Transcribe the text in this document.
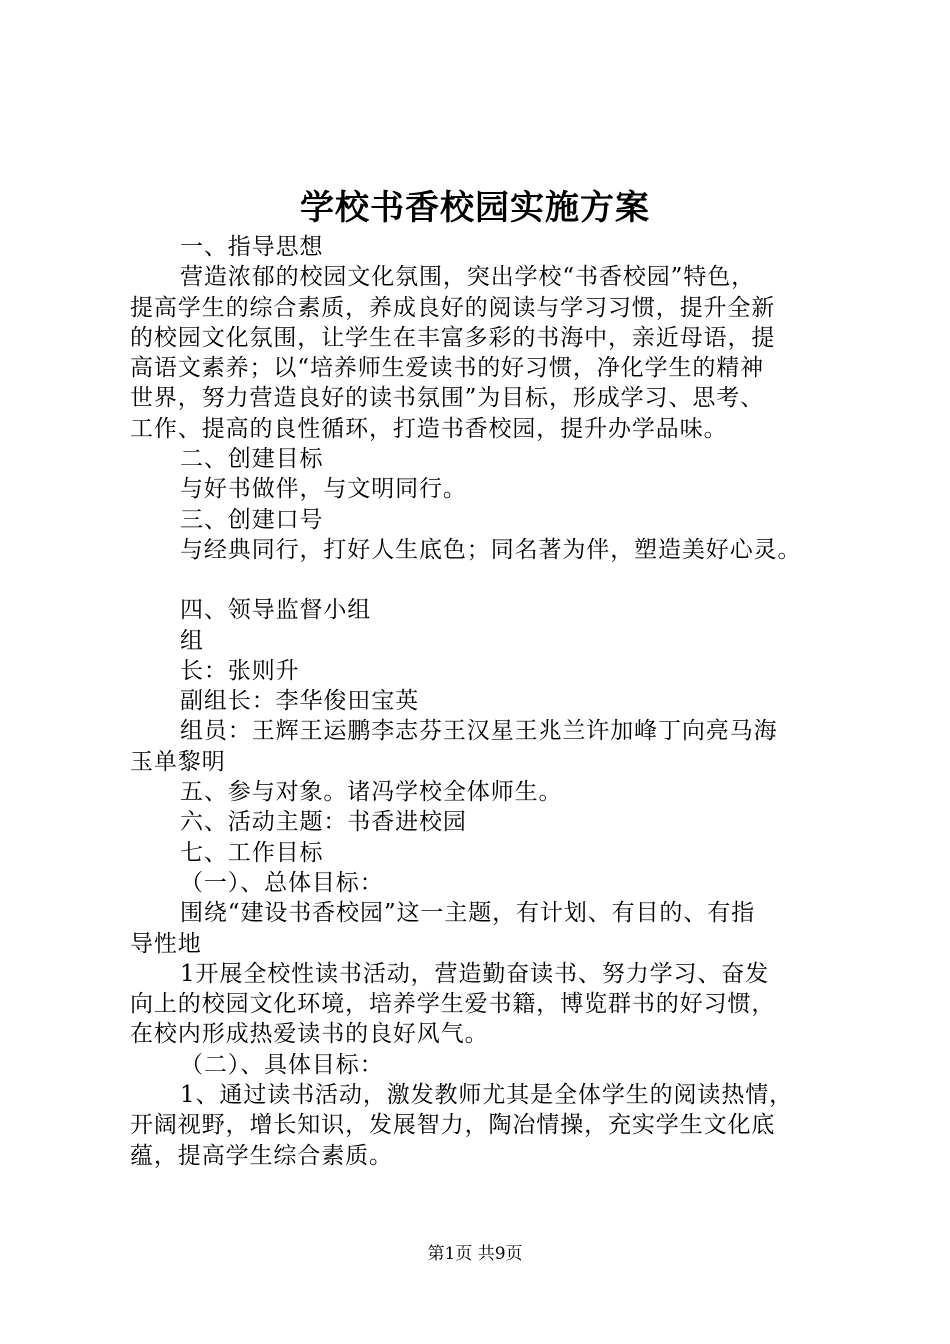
学校书香校园实施方案

一、指导思想

营造浓郁的校园文化氛围，突出学校“书香校园”特色，

提高学生的综合素质，养成良好的阅读与学习习惯，提升全新

的校园文化氛围，让学生在丰富多彩的书海中，亲近母语，提

高语文素养；以“培养师生爱读书的好习惯，净化学生的精神

世界，努力营造良好的读书氛围”为目标，形成学习、思考、

工作、提高的良性循环，打造书香校园，提升办学品味。

二、创建目标

与好书做伴，与文明同行。

三、创建口号

与经典同行，打好人生底色；同名著为伴，塑造美好心灵。

四、领导监督小组

组

长：张则升

副组长：李华俊田宝英

组员：王辉王运鹏李志芬王汉星王兆兰许加峰丁向亮马海

玉单黎明

五、参与对象。诸冯学校全体师生。

六、活动主题：书香进校园

七、工作目标

（一）、总体目标：

围绕“建设书香校园”这一主题，有计划、有目的、有指

导性地

1开展全校性读书活动，营造勤奋读书、努力学习、奋发

向上的校园文化环境，培养学生爱书籍，博览群书的好习惯，

在校内形成热爱读书的良好风气。

（二）、具体目标：

1、通过读书活动，激发教师尤其是全体学生的阅读热情，

开阔视野，增长知识，发展智力，陶冶情操，充实学生文化底

蕴，提高学生综合素质。

第1页 共9页
